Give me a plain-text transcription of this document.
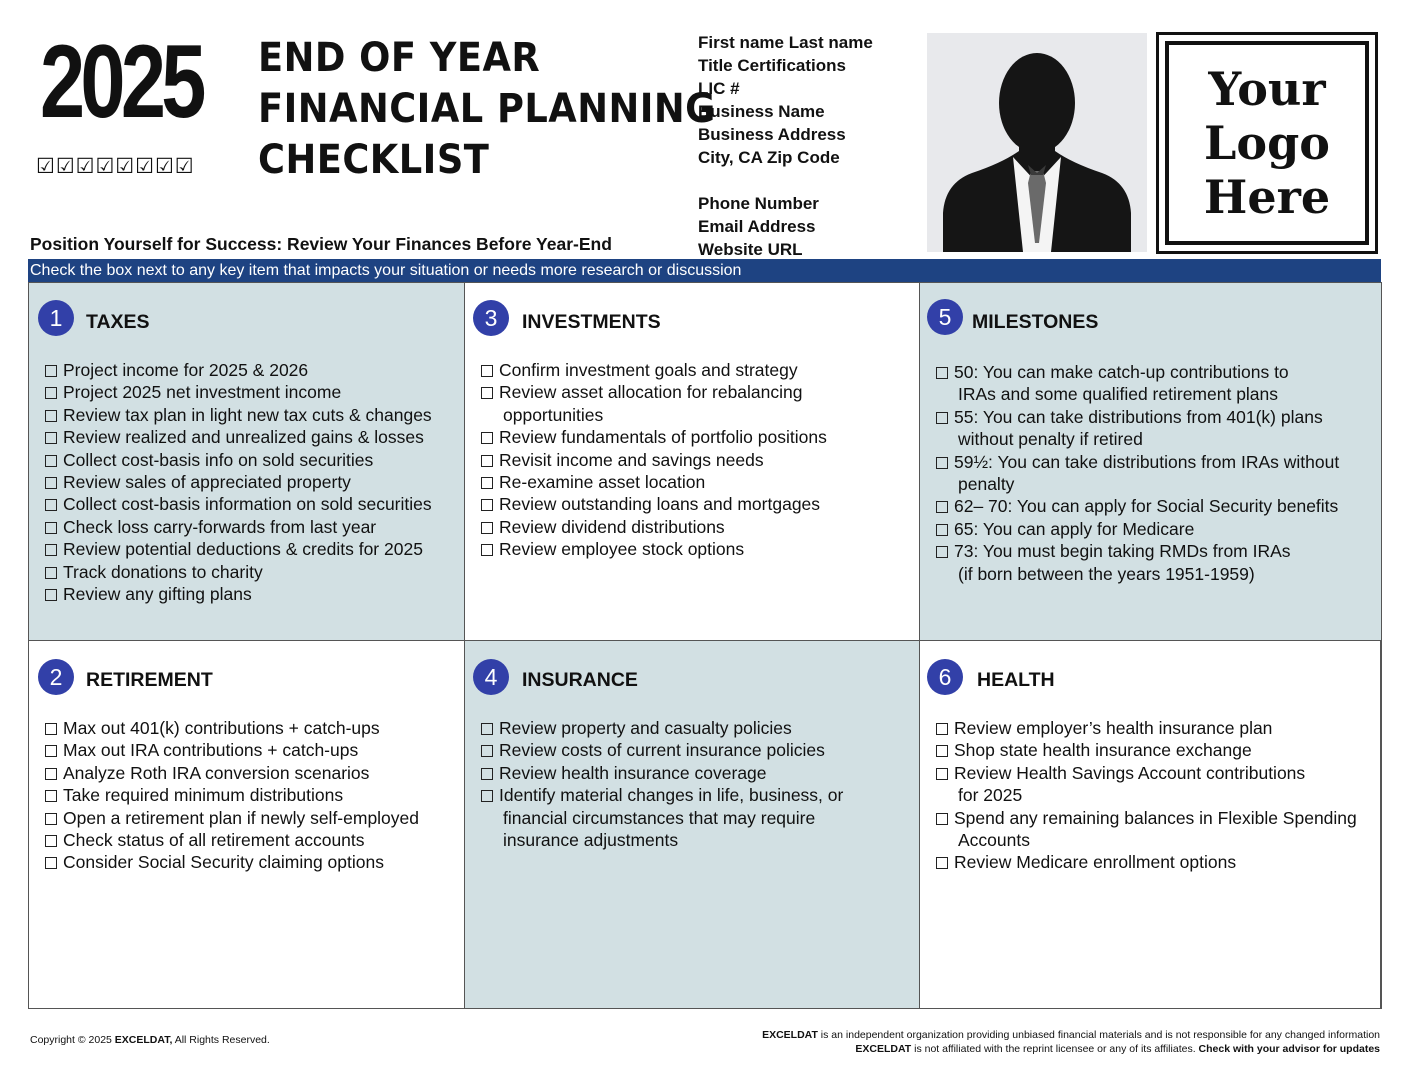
2025
☑☑☑☑☑☑☑☑
END OF YEAR
FINANCIAL PLANNING
CHECKLIST
Position Yourself for Success: Review Your Finances Before Year-End
First name Last name
Title Certifications
LIC #
Business Name
Business Address
City, CA Zip Code
Phone Number
Email Address
Website URL
Your
Logo
Here
Check the box next to any key item that impacts your situation or needs more research or discussion
1	TAXES
Project income for 2025 & 2026
Project 2025 net investment income
Review tax plan in light new tax cuts & changes
Review realized and unrealized gains & losses
Collect cost-basis info on sold securities
Review sales of appreciated property
Collect cost-basis information on sold securities
Check loss carry-forwards from last year
Review potential deductions & credits for 2025
Track donations to charity
Review any gifting plans
3	INVESTMENTS
Confirm investment goals and strategy
Review asset allocation for rebalancing
opportunities
Review fundamentals of portfolio positions
Revisit income and savings needs
Re-examine asset location
Review outstanding loans and mortgages
Review dividend distributions
Review employee stock options
5	MILESTONES
50: You can make catch-up contributions to
IRAs and some qualified retirement plans
55: You can take distributions from 401(k) plans
without penalty if retired
59½: You can take distributions from IRAs without
penalty
62– 70: You can apply for Social Security benefits
65: You can apply for Medicare
73: You must begin taking RMDs from IRAs
(if born between the years 1951-1959)
2	RETIREMENT
Max out 401(k) contributions + catch-ups
Max out IRA contributions + catch-ups
Analyze Roth IRA conversion scenarios
Take required minimum distributions
Open a retirement plan if newly self-employed
Check status of all retirement accounts
Consider Social Security claiming options
4	INSURANCE
Review property and casualty policies
Review costs of current insurance policies
Review health insurance coverage
Identify material changes in life, business, or
financial circumstances that may require
insurance adjustments
6	HEALTH
Review employer’s health insurance plan
Shop state health insurance exchange
Review Health Savings Account contributions
for 2025
Spend any remaining balances in Flexible Spending
Accounts
Review Medicare enrollment options
Copyright © 2025 EXCELDAT, All Rights Reserved.	EXCELDAT is an independent organization providing unbiased financial materials and is not responsible for any changed information
EXCELDAT is not affiliated with the reprint licensee or any of its affiliates. Check with your advisor for updates
